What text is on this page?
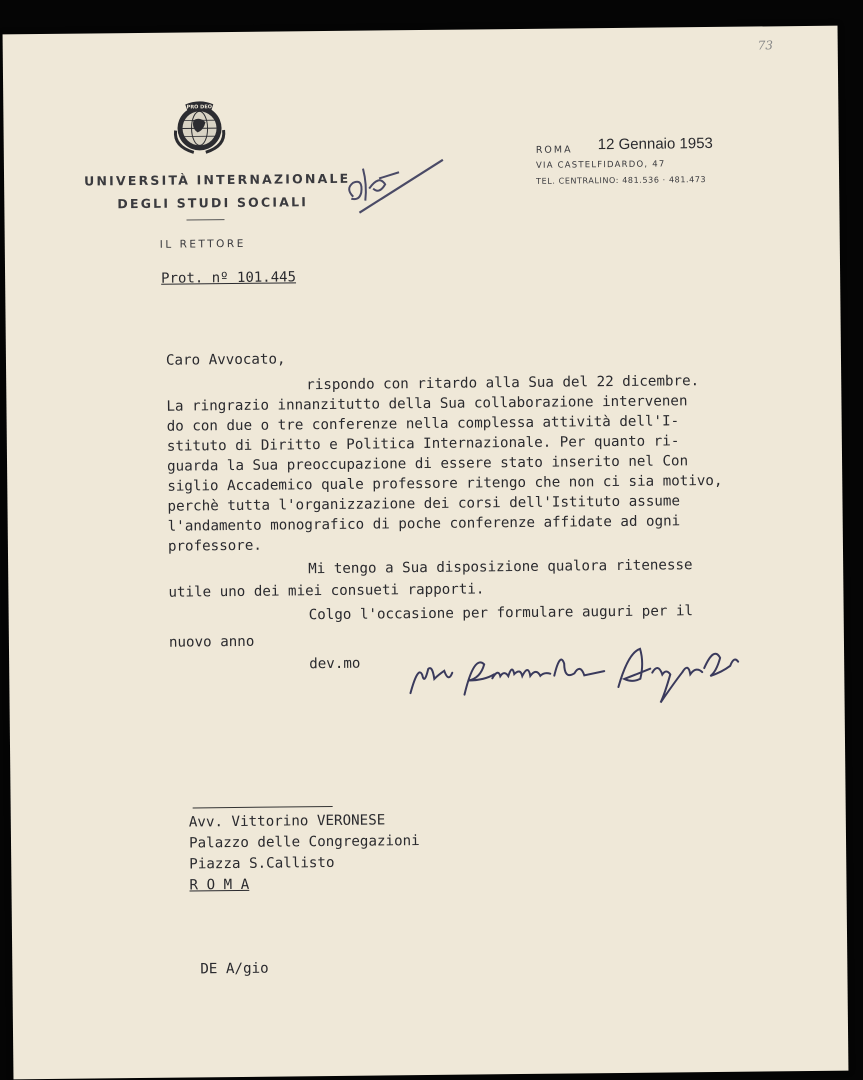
73
PRO DEO
UNIVERSITÀ INTERNAZIONALE
DEGLI STUDI SOCIALI
IL RETTORE
Prot. nº 101.445
ROMA 12 Gennaio 1953
VIA CASTELFIDARDO, 47
TEL. CENTRALINO: 481.536 · 481.473
Caro Avvocato,
rispondo con ritardo alla Sua del 22 dicembre.
La ringrazio innanzitutto della Sua collaborazione intervenen
do con due o tre conferenze nella complessa attività dell'I-
stituto di Diritto e Politica Internazionale. Per quanto ri-
guarda la Sua preoccupazione di essere stato inserito nel Con
siglio Accademico quale professore ritengo che non ci sia motivo,
perchè tutta l'organizzazione dei corsi dell'Istituto assume
l'andamento monografico di poche conferenze affidate ad ogni
professore.
Mi tengo a Sua disposizione qualora ritenesse
utile uno dei miei consueti rapporti.
Colgo l'occasione per formulare auguri per il
nuovo anno
dev.mo
Avv. Vittorino VERONESE
Palazzo delle Congregazioni
Piazza S.Callisto
R O M A
DE A/gio
